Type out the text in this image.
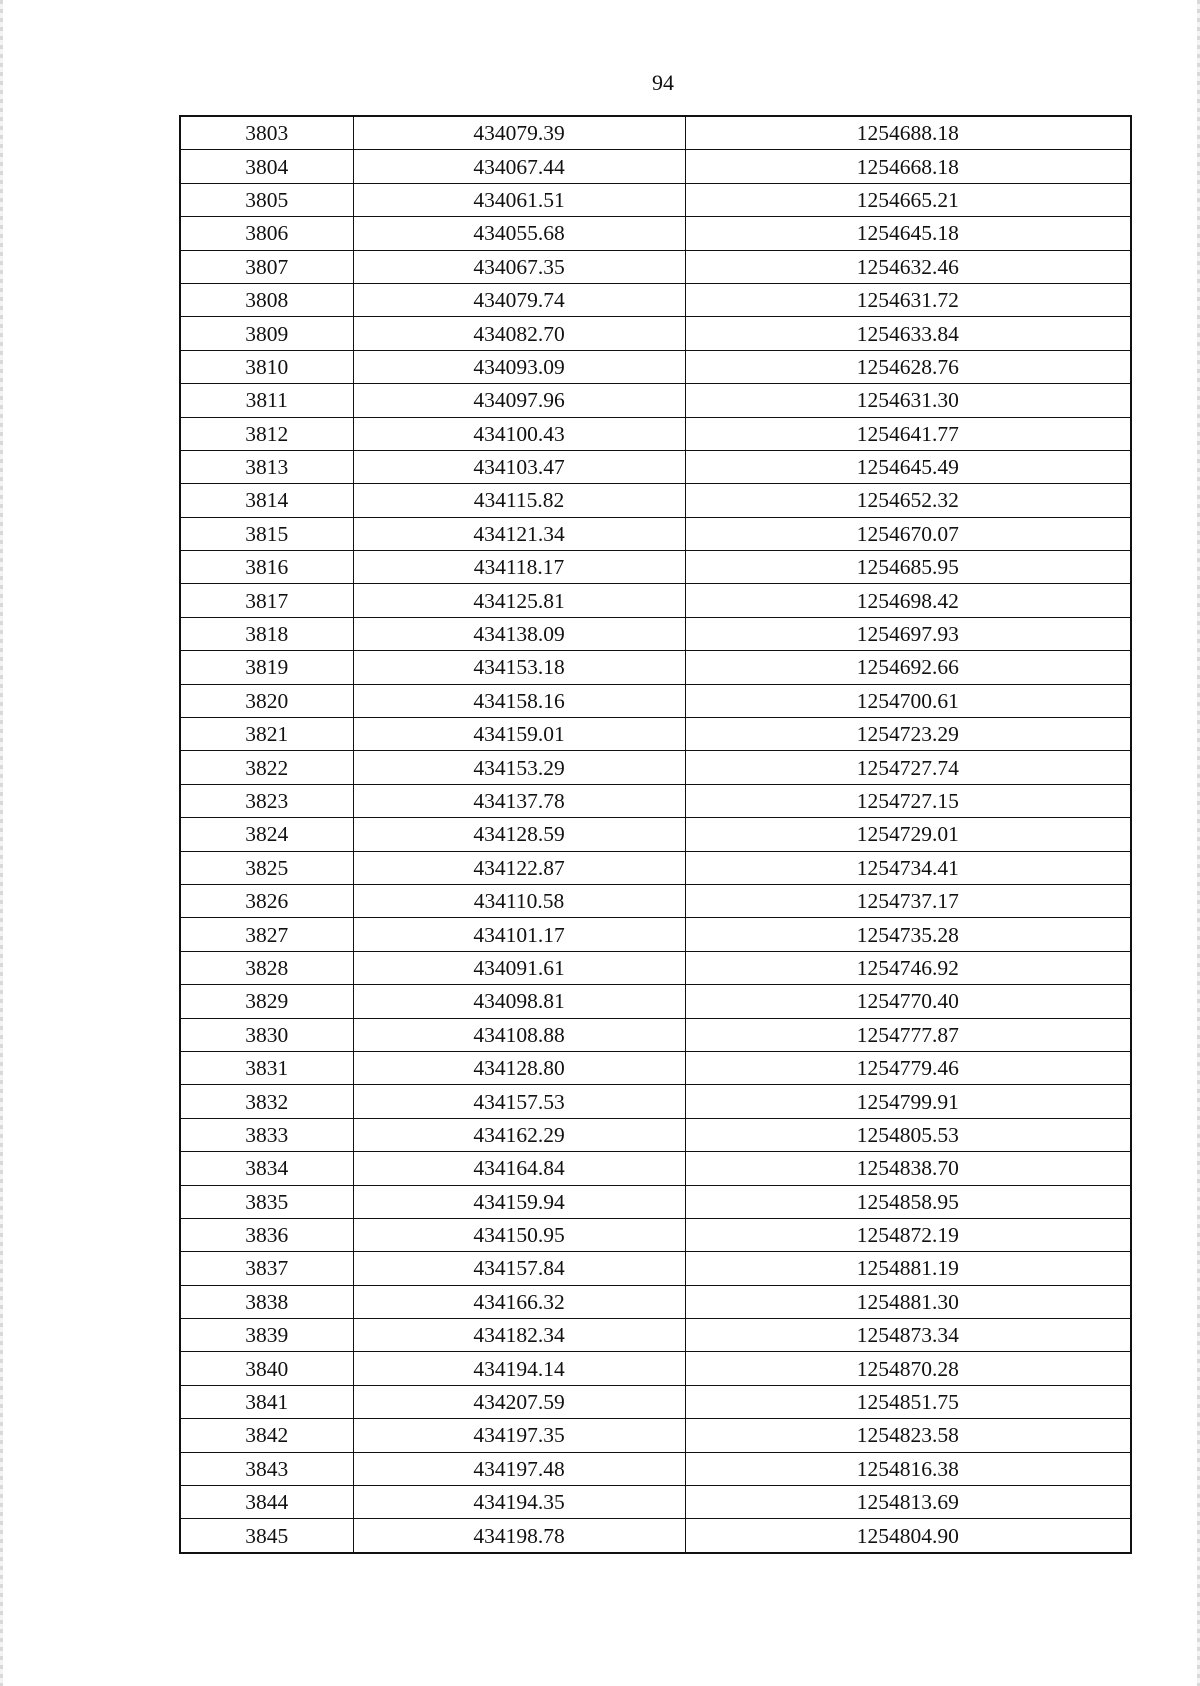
94
3803	434079.39	1254688.18
3804	434067.44	1254668.18
3805	434061.51	1254665.21
3806	434055.68	1254645.18
3807	434067.35	1254632.46
3808	434079.74	1254631.72
3809	434082.70	1254633.84
3810	434093.09	1254628.76
3811	434097.96	1254631.30
3812	434100.43	1254641.77
3813	434103.47	1254645.49
3814	434115.82	1254652.32
3815	434121.34	1254670.07
3816	434118.17	1254685.95
3817	434125.81	1254698.42
3818	434138.09	1254697.93
3819	434153.18	1254692.66
3820	434158.16	1254700.61
3821	434159.01	1254723.29
3822	434153.29	1254727.74
3823	434137.78	1254727.15
3824	434128.59	1254729.01
3825	434122.87	1254734.41
3826	434110.58	1254737.17
3827	434101.17	1254735.28
3828	434091.61	1254746.92
3829	434098.81	1254770.40
3830	434108.88	1254777.87
3831	434128.80	1254779.46
3832	434157.53	1254799.91
3833	434162.29	1254805.53
3834	434164.84	1254838.70
3835	434159.94	1254858.95
3836	434150.95	1254872.19
3837	434157.84	1254881.19
3838	434166.32	1254881.30
3839	434182.34	1254873.34
3840	434194.14	1254870.28
3841	434207.59	1254851.75
3842	434197.35	1254823.58
3843	434197.48	1254816.38
3844	434194.35	1254813.69
3845	434198.78	1254804.90
